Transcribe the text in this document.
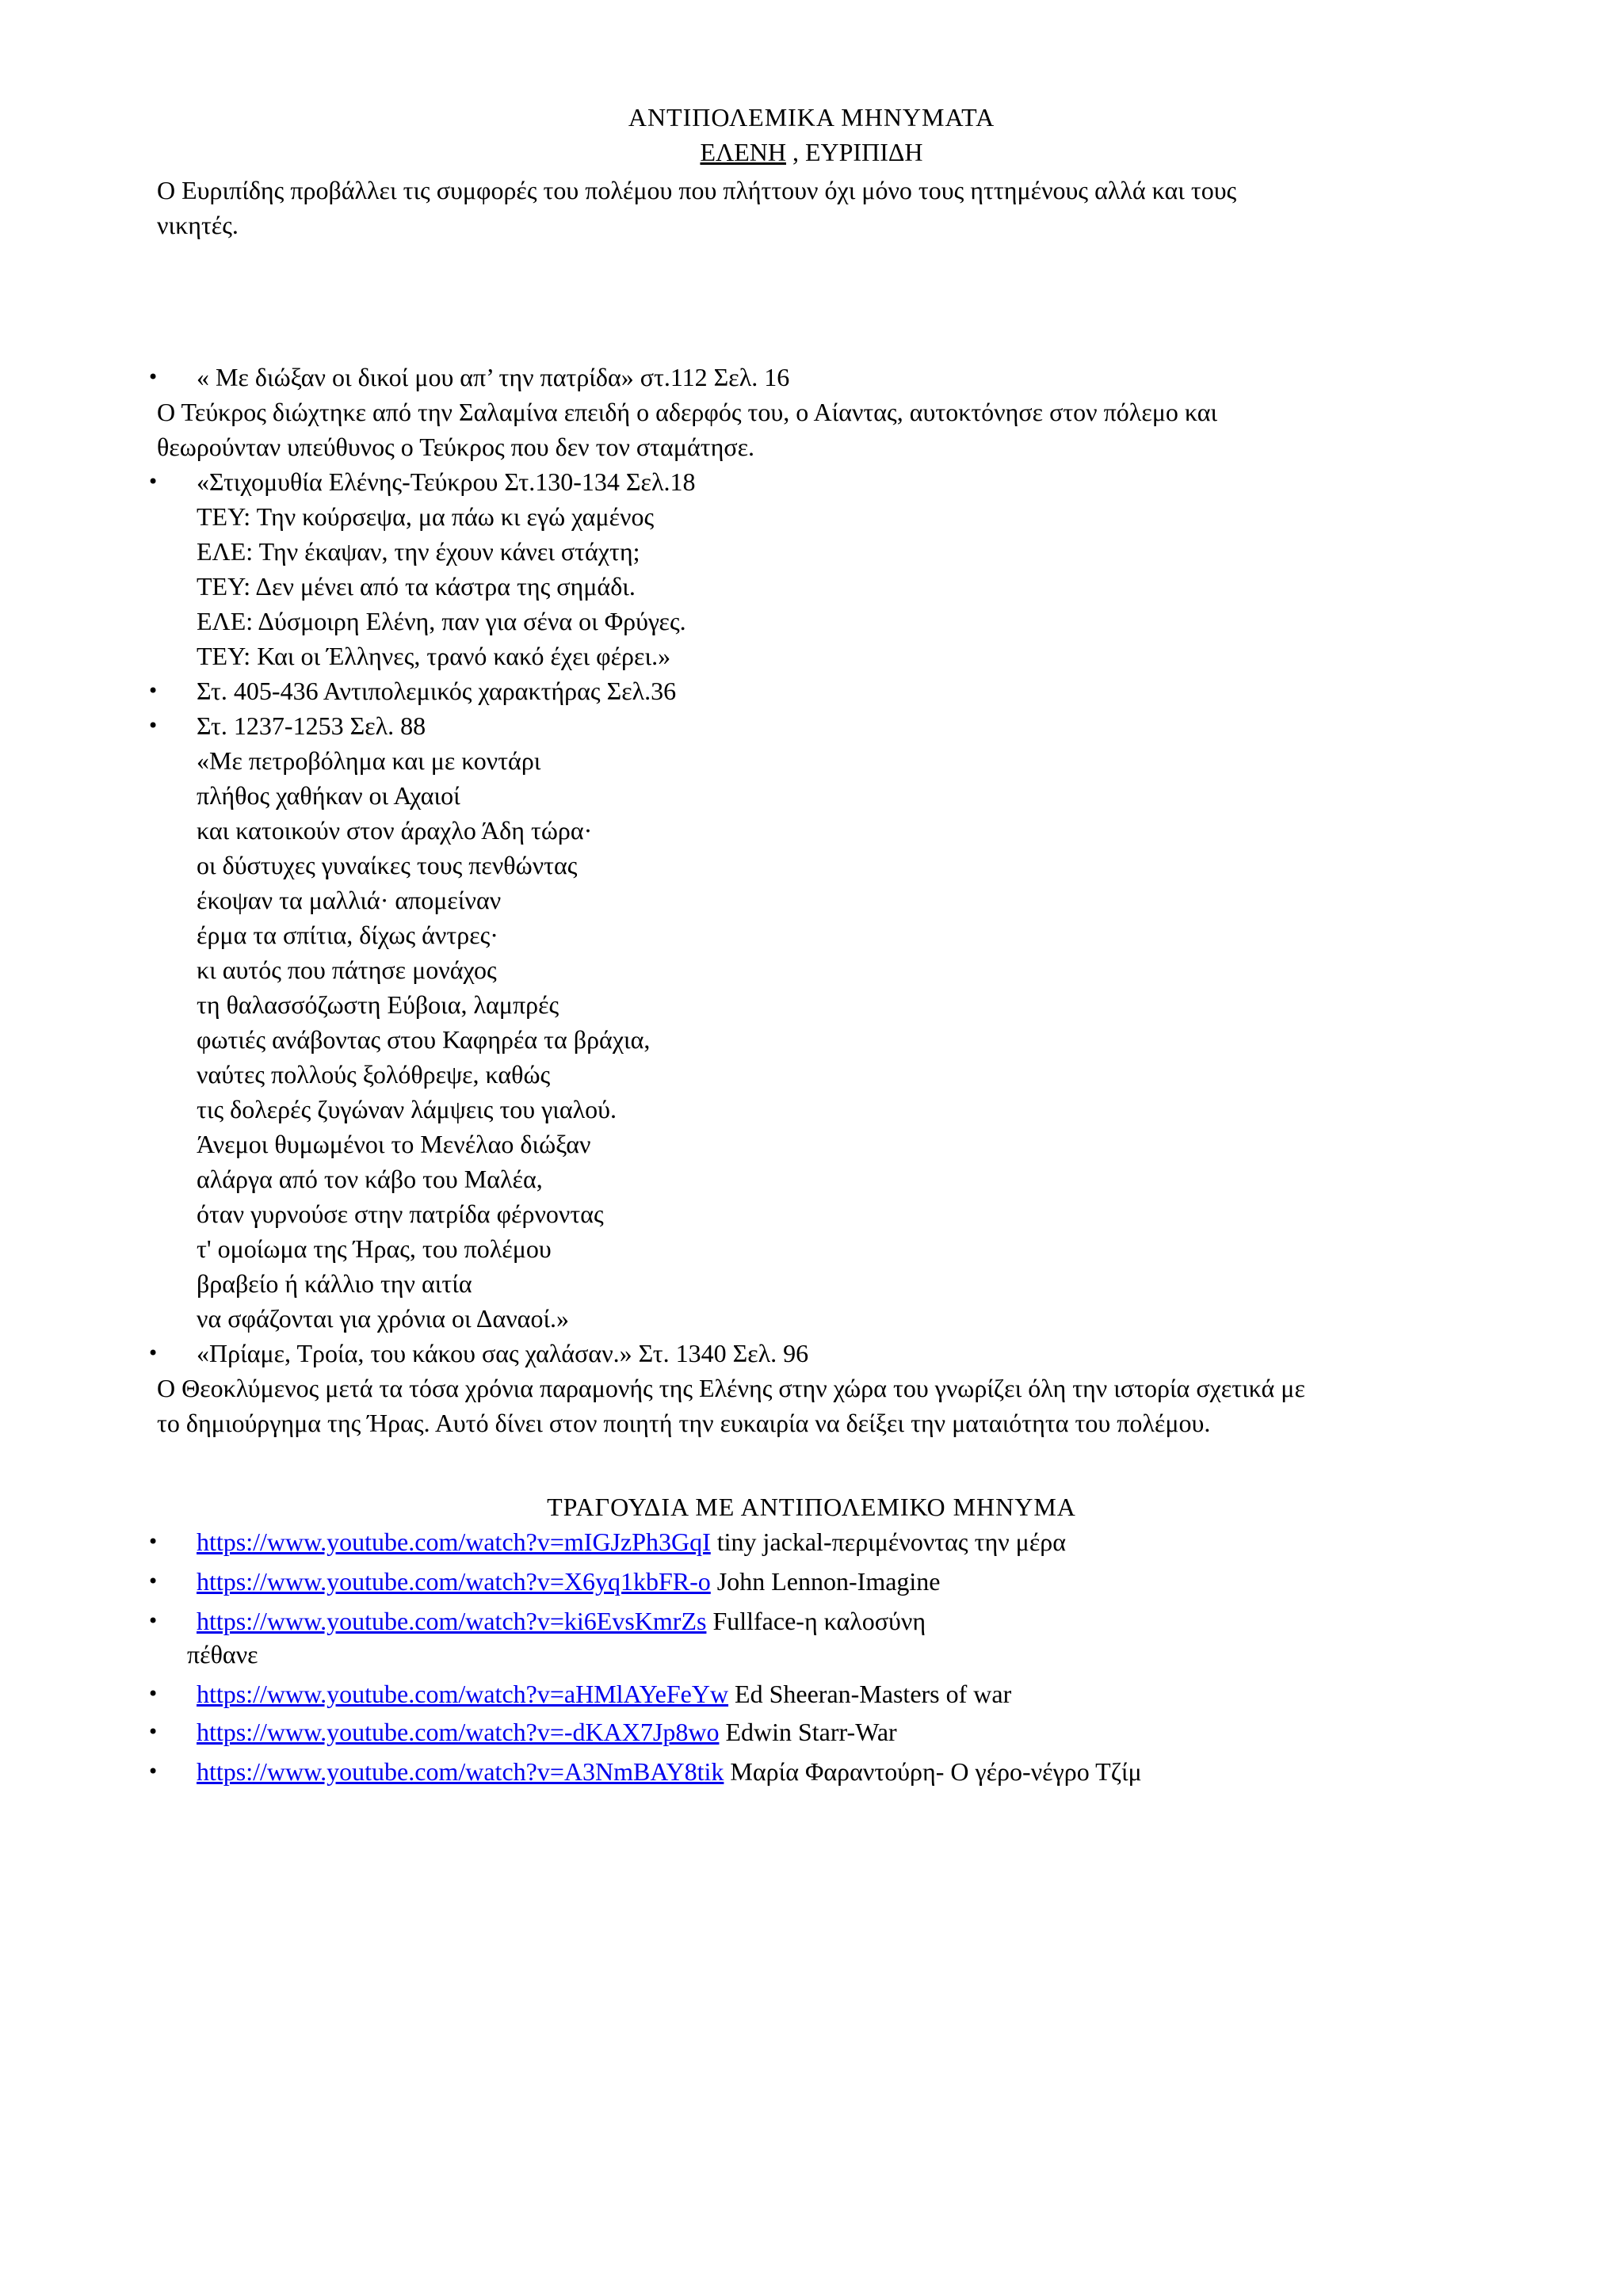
ΑΝΤΙΠΟΛΕΜΙΚΑ ΜΗΝΥΜΑΤΑ
ΕΛΕΝΗ , ΕΥΡΙΠΙΔΗ
Ο Ευριπίδης προβάλλει τις συμφορές του πολέμου που πλήττουν όχι μόνο τους ηττημένους αλλά και τους
νικητές.
• « Με διώξαν οι δικοί μου απ’ την πατρίδα» στ.112 Σελ. 16
Ο Τεύκρος διώχτηκε από την Σαλαμίνα επειδή ο αδερφός του, ο Αίαντας, αυτοκτόνησε στον πόλεμο και
θεωρούνταν υπεύθυνος ο Τεύκρος που δεν τον σταμάτησε.
• «Στιχομυθία Ελένης-Τεύκρου Στ.130-134 Σελ.18
ΤΕΥ: Την κούρσεψα, μα πάω κι εγώ χαμένος
ΕΛΕ: Την έκαψαν, την έχουν κάνει στάχτη;
ΤΕΥ: Δεν μένει από τα κάστρα της σημάδι.
ΕΛΕ: Δύσμοιρη Ελένη, παν για σένα οι Φρύγες.
ΤΕΥ: Και οι Έλληνες, τρανό κακό έχει φέρει.»
• Στ. 405-436 Αντιπολεμικός χαρακτήρας Σελ.36
• Στ. 1237-1253 Σελ. 88
«Με πετροβόλημα και με κοντάρι
πλήθος χαθήκαν οι Αχαιοί
και κατοικούν στον άραχλο Άδη τώρα·
οι δύστυχες γυναίκες τους πενθώντας
έκοψαν τα μαλλιά· απομείναν
έρμα τα σπίτια, δίχως άντρες·
κι αυτός που πάτησε μονάχος
τη θαλασσόζωστη Εύβοια, λαμπρές
φωτιές ανάβοντας στου Καφηρέα τα βράχια,
ναύτες πολλούς ξολόθρεψε, καθώς
τις δολερές ζυγώναν λάμψεις του γιαλού.
Άνεμοι θυμωμένοι το Μενέλαο διώξαν
αλάργα από τον κάβο του Μαλέα,
όταν γυρνούσε στην πατρίδα φέρνοντας
τ' ομοίωμα της Ήρας, του πολέμου
βραβείο ή κάλλιο την αιτία
να σφάζονται για χρόνια οι Δαναοί.»
• «Πρίαμε, Τροία, του κάκου σας χαλάσαν.» Στ. 1340 Σελ. 96
Ο Θεοκλύμενος μετά τα τόσα χρόνια παραμονής της Ελένης στην χώρα του γνωρίζει όλη την ιστορία σχετικά με
το δημιούργημα της Ήρας. Αυτό δίνει στον ποιητή την ευκαιρία να δείξει την ματαιότητα του πολέμου.
ΤΡΑΓΟΥΔΙΑ ΜΕ ΑΝΤΙΠΟΛΕΜΙΚΟ ΜΗΝΥΜΑ
• https://www.youtube.com/watch?v=mIGJzPh3GqI tiny jackal-περιμένοντας την μέρα
• https://www.youtube.com/watch?v=X6yq1kbFR-o John Lennon-Imagine
• https://www.youtube.com/watch?v=ki6EvsKmrZs Fullface-η καλοσύνη
πέθανε
• https://www.youtube.com/watch?v=aHMlAYeFeYw Ed Sheeran-Masters of war
• https://www.youtube.com/watch?v=-dKAX7Jp8wo Edwin Starr-War
• https://www.youtube.com/watch?v=A3NmBAY8tik Μαρία Φαραντούρη- Ο γέρο-νέγρο Τζίμ
